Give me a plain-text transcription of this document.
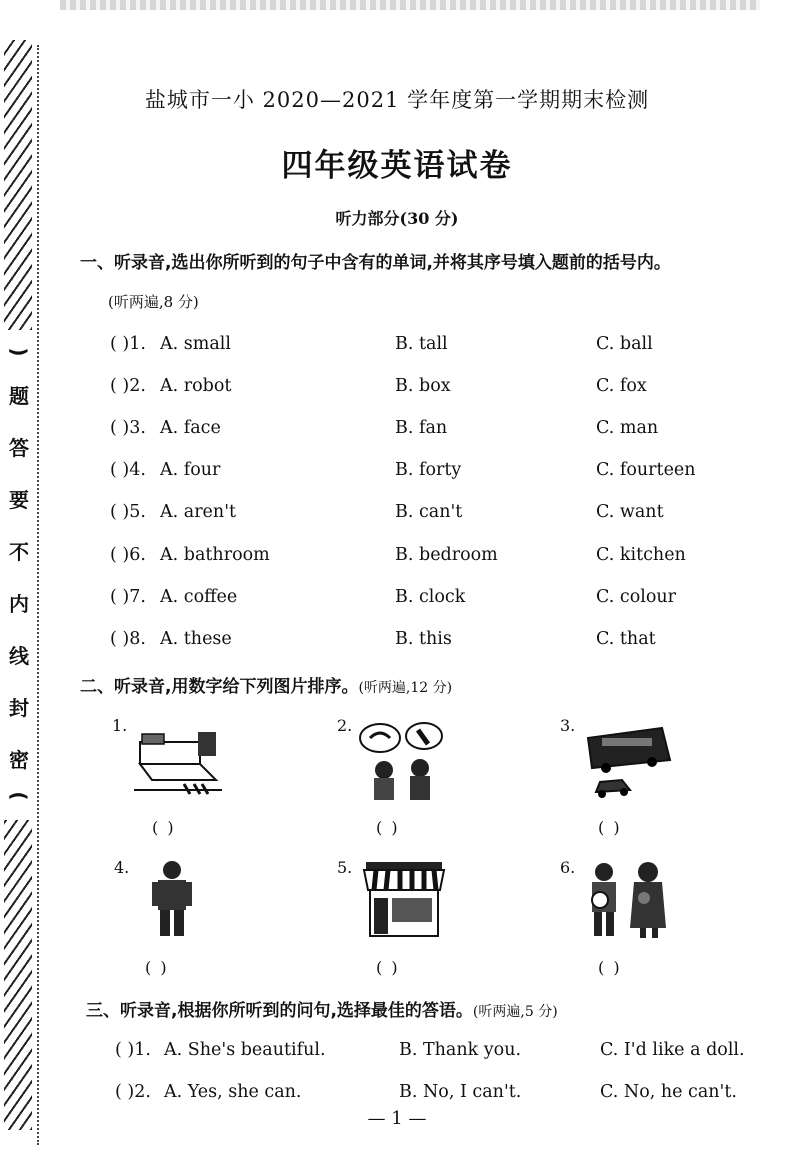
)
题
答
要
不
内
线
封
密
(
盐城市一小 2020—2021 学年度第一学期期末检测
四年级英语试卷
听力部分(30 分)
一、听录音,选出你所听到的句子中含有的单词,并将其序号填入题前的括号内。
(听两遍,8 分)
( )1. A. small	B. tall	C. ball
( )2. A. robot	B. box	C. fox
( )3. A. face	B. fan	C. man
( )4. A. four	B. forty	C. fourteen
( )5. A. aren't	B. can't	C. want
( )6. A. bathroom	B. bedroom	C. kitchen
( )7. A. coffee	B. clock	C. colour
( )8. A. these	B. this	C. that
二、听录音,用数字给下列图片排序。(听两遍,12 分)
1.
( )
2.
( )
3.
( )
4.
( )
5.
( )
6.
( )
三、听录音,根据你所听到的问句,选择最佳的答语。(听两遍,5 分)
( )1. A. She's beautiful.	B. Thank you.	C. I'd like a doll.
( )2. A. Yes, she can.	B. No, I can't.	C. No, he can't.
— 1 —
